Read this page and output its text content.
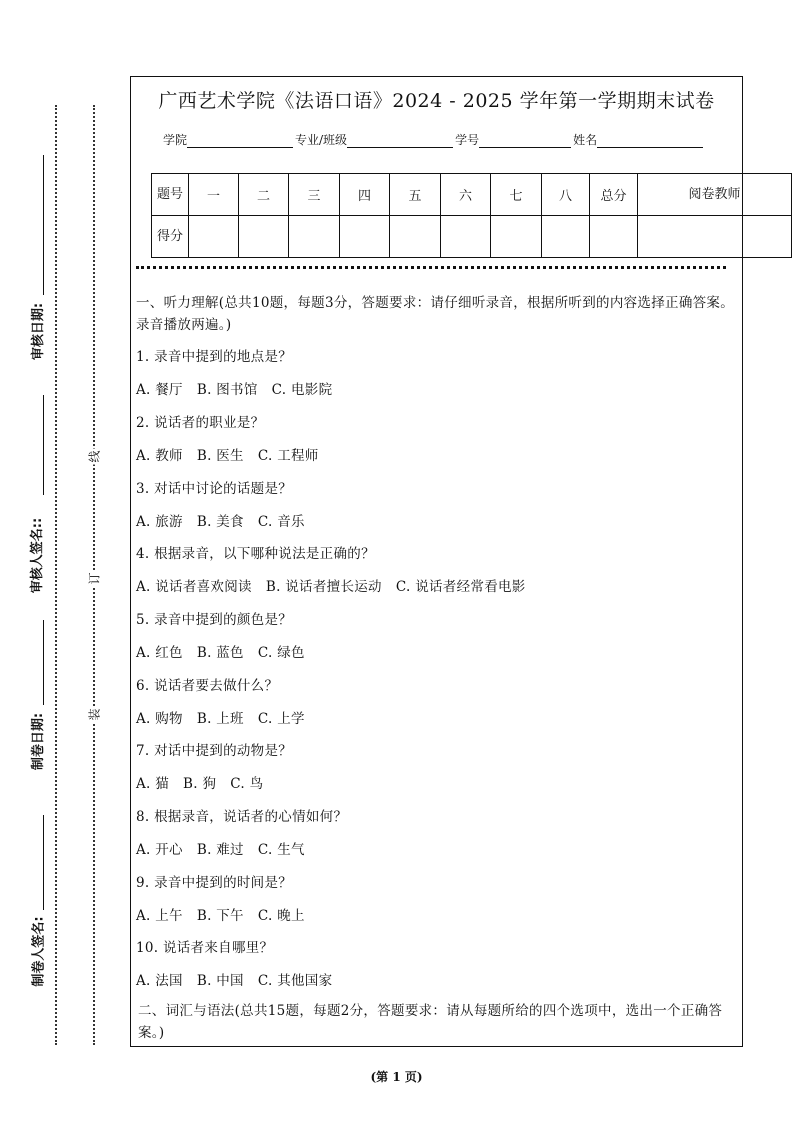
审核日期:
审核人签名::
制卷日期:
制卷人签名:
线
订
装
广西艺术学院《法语口语》2024 - 2025 学年第一学期期末试卷
学院	专业/班级	学号	姓名
题号	一	二	三	四	五	六	七	八	总分	阅卷教师
得分										
一、听力理解(总共10题，每题3分，答题要求：请仔细听录音，根据所听到的内容选择正确答案。录音播放两遍。)
1. 录音中提到的地点是？
A. 餐厅 B. 图书馆 C. 电影院
2. 说话者的职业是？
A. 教师 B. 医生 C. 工程师
3. 对话中讨论的话题是？
A. 旅游 B. 美食 C. 音乐
4. 根据录音，以下哪种说法是正确的？
A. 说话者喜欢阅读 B. 说话者擅长运动 C. 说话者经常看电影
5. 录音中提到的颜色是？
A. 红色 B. 蓝色 C. 绿色
6. 说话者要去做什么？
A. 购物 B. 上班 C. 上学
7. 对话中提到的动物是？
A. 猫 B. 狗 C. 鸟
8. 根据录音，说话者的心情如何？
A. 开心 B. 难过 C. 生气
9. 录音中提到的时间是？
A. 上午 B. 下午 C. 晚上
10. 说话者来自哪里？
A. 法国 B. 中国 C. 其他国家
二、词汇与语法(总共15题，每题2分，答题要求：请从每题所给的四个选项中，选出一个正确答案。)
(第 1 页)
